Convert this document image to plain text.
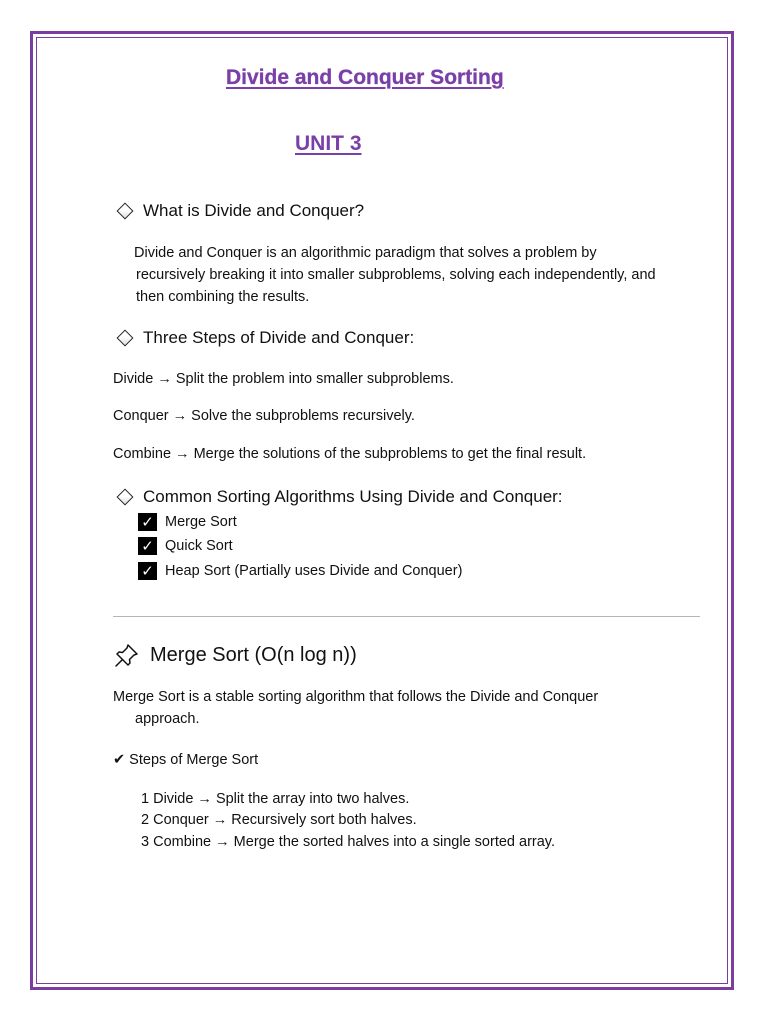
Divide and Conquer Sorting
UNIT 3
What is Divide and Conquer?
Divide and Conquer is an algorithmic paradigm that solves a problem by
recursively breaking it into smaller subproblems, solving each independently, and
then combining the results.
Three Steps of Divide and Conquer:
Divide → Split the problem into smaller subproblems.
Conquer → Solve the subproblems recursively.
Combine → Merge the solutions of the subproblems to get the final result.
Common Sorting Algorithms Using Divide and Conquer:
✓ Merge Sort
✓ Quick Sort
✓ Heap Sort (Partially uses Divide and Conquer)
Merge Sort (O(n log n))
Merge Sort is a stable sorting algorithm that follows the Divide and Conquer
approach.
✔ Steps of Merge Sort
1 Divide → Split the array into two halves.
2 Conquer → Recursively sort both halves.
3 Combine → Merge the sorted halves into a single sorted array.
